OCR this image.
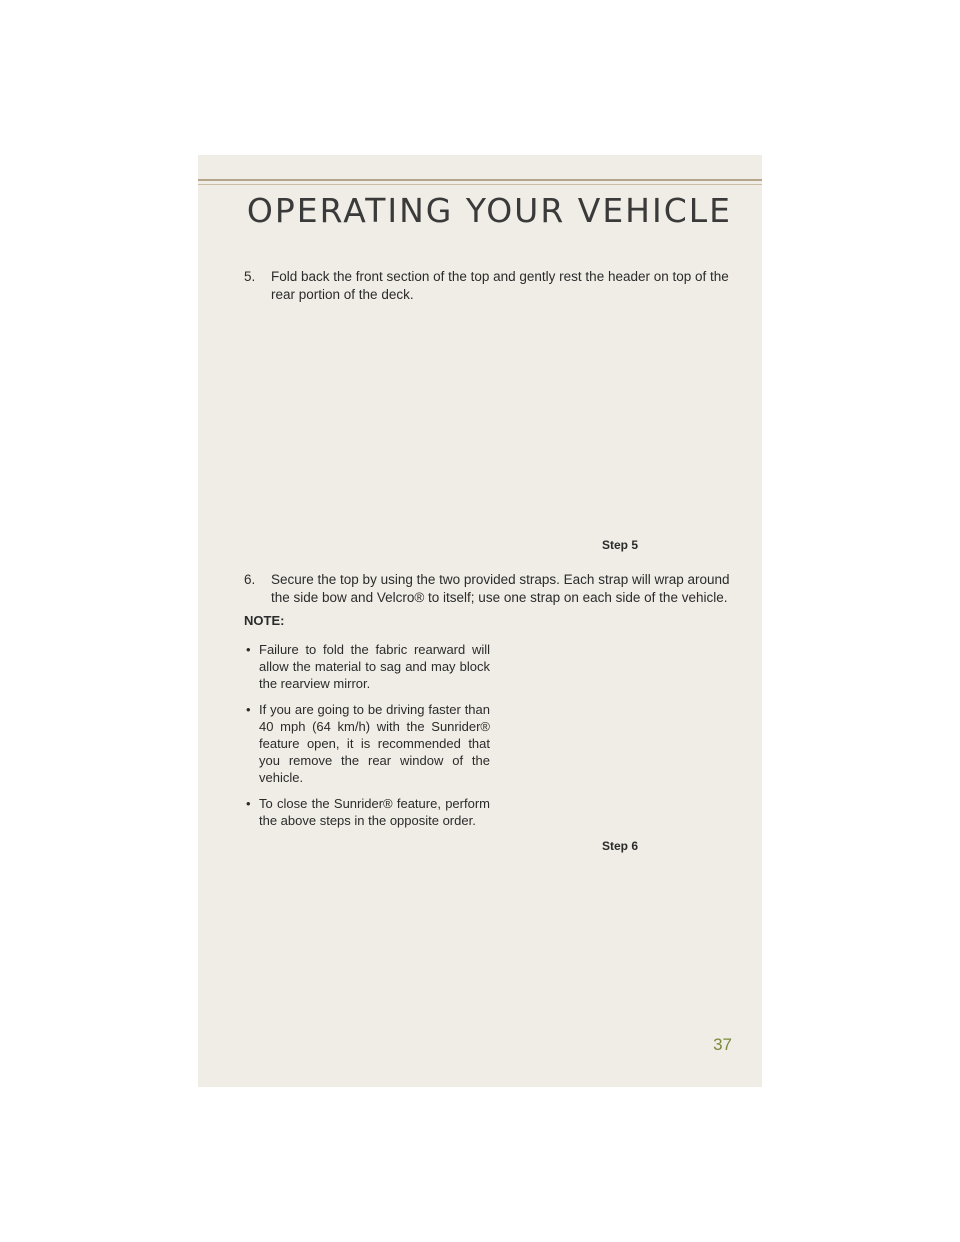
OPERATING YOUR VEHICLE
5.	Fold back the front section of the top and gently rest the header on top of the rear portion of the deck.
Step 5
6.	Secure the top by using the two provided straps. Each strap will wrap around the side bow and Velcro® to itself; use one strap on each side of the vehicle.
NOTE:
• Failure to fold the fabric rearward will allow the material to sag and may block the rearview mirror.
• If you are going to be driving faster than 40 mph (64 km/h) with the Sunrider® feature open, it is recommended that you remove the rear window of the vehicle.
• To close the Sunrider® feature, perform the above steps in the opposite order.
Step 6
37
